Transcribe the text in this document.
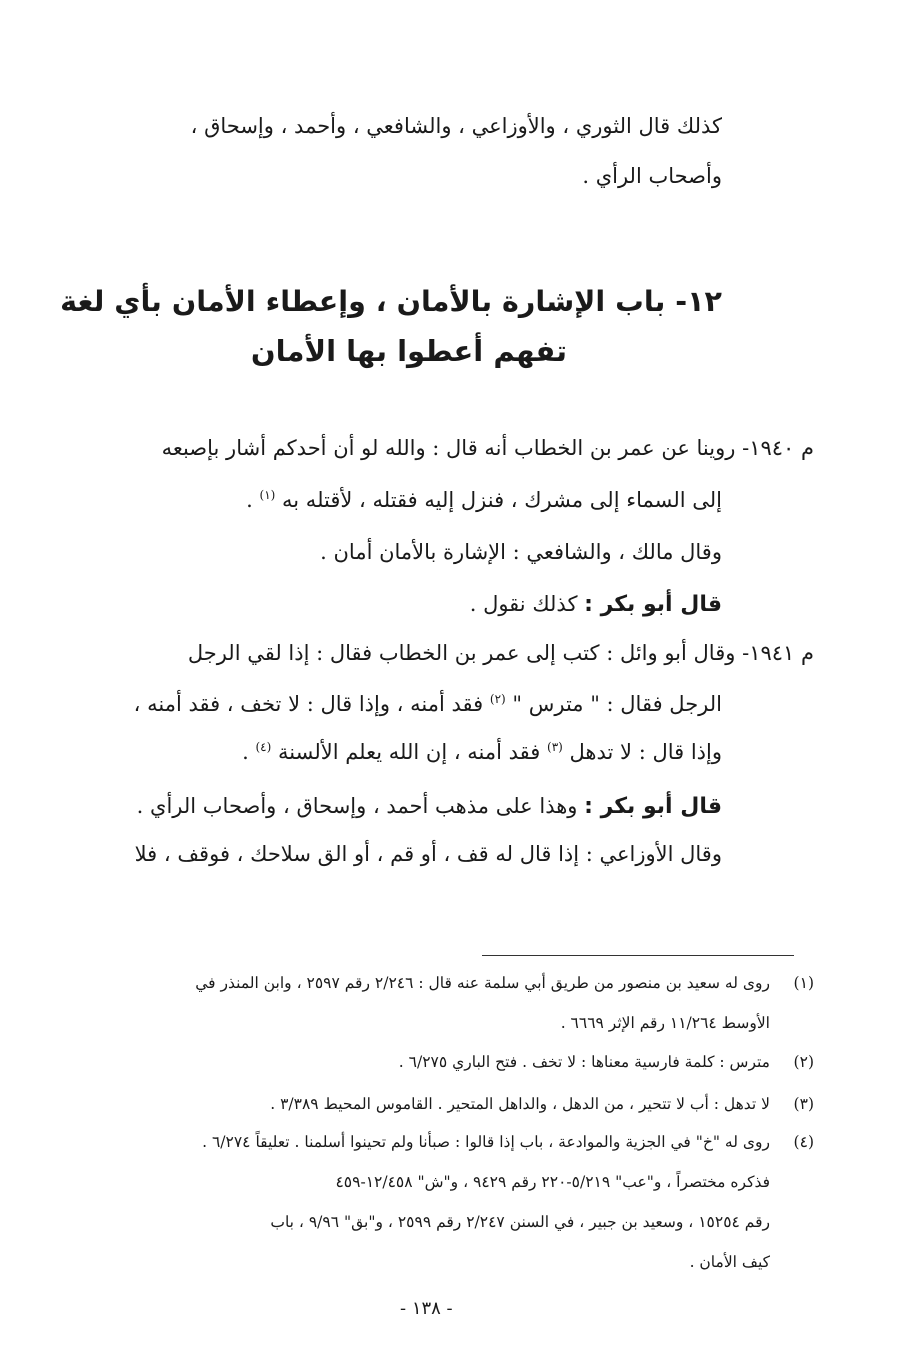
كذلك قال الثوري ، والأوزاعي ، والشافعي ، وأحمد ، وإسحاق ،
وأصحاب الرأي .
١٢- باب الإشارة بالأمان ، وإعطاء الأمان بأي لغة
تفهم أعطوا بها الأمان
م ١٩٤٠- روينا عن عمر بن الخطاب أنه قال : والله لو أن أحدكم أشار بإصبعه
إلى السماء إلى مشرك ، فنزل إليه فقتله ، لأقتله به $^{(١)}$ .
وقال مالك ، والشافعي : الإشارة بالأمان أمان .
قال أبو بكر : كذلك نقول .
م ١٩٤١- وقال أبو وائل : كتب إلى عمر بن الخطاب فقال : إذا لقي الرجل
الرجل فقال : " مترس " $^{(٢)}$ فقد أمنه ، وإذا قال : لا تخف ، فقد أمنه ،
وإذا قال : لا تدهل $^{(٣)}$ فقد أمنه ، إن الله يعلم الألسنة $^{(٤)}$ .
قال أبو بكر : وهذا على مذهب أحمد ، وإسحاق ، وأصحاب الرأي .
وقال الأوزاعي : إذا قال له قف ، أو قم ، أو الق سلاحك ، فوقف ، فلا
(١)
روى له سعيد بن منصور من طريق أبي سلمة عنه قال : ٢/٢٤٦ رقم ٢٥٩٧ ، وابن المنذر في
الأوسط ١١/٢٦٤ رقم الإثر ٦٦٦٩ .
(٢)
مترس : كلمة فارسية معناها : لا تخف . فتح الباري ٦/٢٧٥ .
(٣)
لا تدهل : أب لا تتحير ، من الدهل ، والداهل المتحير . القاموس المحيط ٣/٣٨٩ .
(٤)
روى له "خ" في الجزية والموادعة ، باب إذا قالوا : صبأنا ولم تحينوا أسلمنا . تعليقاً ٦/٢٧٤ .
فذكره مختصراً ، و"عب" ٥/٢١٩-٢٢٠ رقم ٩٤٢٩ ، و"ش" ١٢/٤٥٨-٤٥٩
رقم ١٥٢٥٤ ، وسعيد بن جبير ، في السنن ٢/٢٤٧ رقم ٢٥٩٩ ، و"بق" ٩/٩٦ ، باب
كيف الأمان .
- ١٣٨ -
